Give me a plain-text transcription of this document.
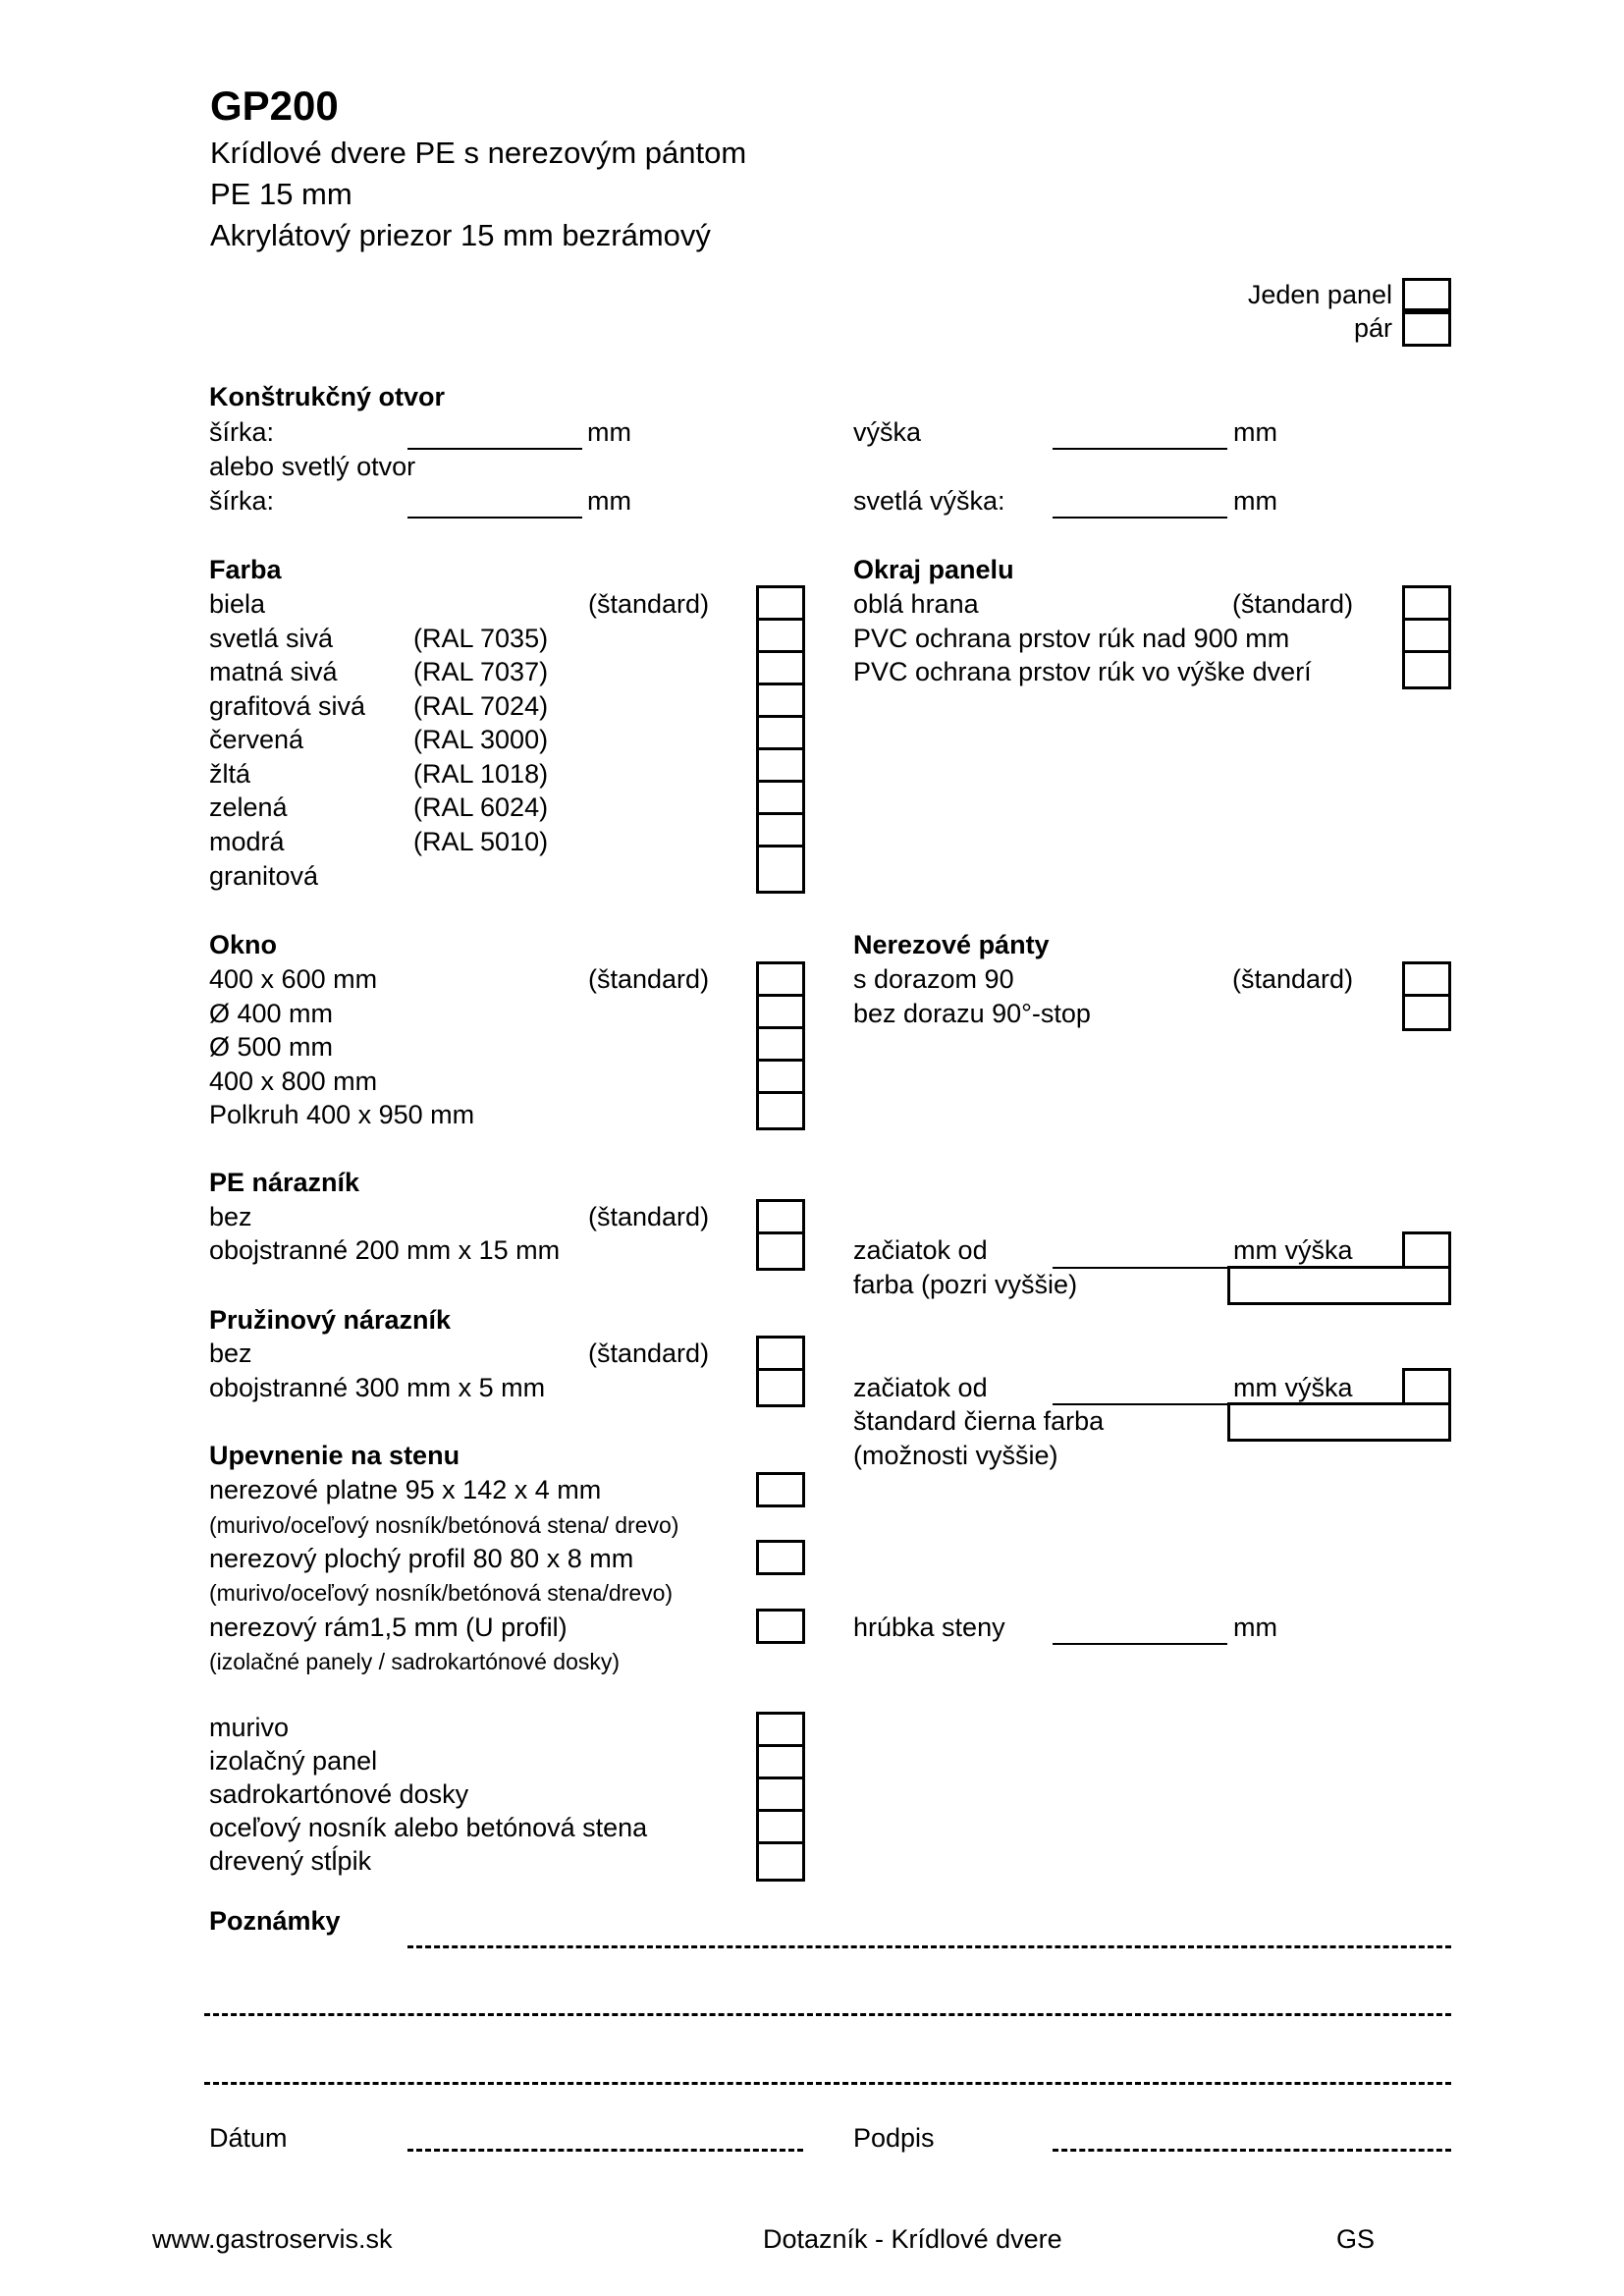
GP200
Krídlové dvere PE s nerezovým pántom
PE 15 mm
Akrylátový priezor 15 mm bezrámový
Jeden panel
pár
Konštrukčný otvor
šírka:	mm	výška	mm
alebo svetlý otvor
šírka:	mm	svetlá výška:	mm
Farba
biela	(štandard)
svetlá sivá	(RAL 7035)
matná sivá	(RAL 7037)
grafitová sivá (RAL 7024)
červená	(RAL 3000)
žltá	(RAL 1018)
zelená	(RAL 6024)
modrá	(RAL 5010)
granitová
Okraj panelu
oblá hrana	(štandard)
PVC ochrana prstov rúk nad 900 mm
PVC ochrana prstov rúk vo výške dverí
Okno
400 x 600 mm	(štandard)
Ø 400 mm
Ø 500 mm
400 x 800 mm
Polkruh 400 x 950 mm
Nerezové pánty
s dorazom 90	(štandard)
bez dorazu 90°-stop
PE nárazník
bez	(štandard)
obojstranné 200 mm x 15 mm	začiatok od	mm výška
farba (pozri vyššie)
Pružinový nárazník
bez	(štandard)
obojstranné 300 mm x 5 mm	začiatok od	mm výška
štandard čierna farba
(možnosti vyššie)
Upevnenie na stenu
nerezové platne 95 x 142 x 4 mm
(murivo/oceľový nosník/betónová stena/ drevo)
nerezový plochý profil 80 80 x 8 mm
(murivo/oceľový nosník/betónová stena/drevo)
nerezový rám1,5 mm (U profil)
(izolačné panely / sadrokartónové dosky)
hrúbka steny	mm
murivo
izolačný panel
sadrokartónové dosky
oceľový nosník alebo betónová stena
drevený stĺpik
Poznámky
Dátum	Podpis
www.gastroservis.sk	Dotazník - Krídlové dvere	GS
